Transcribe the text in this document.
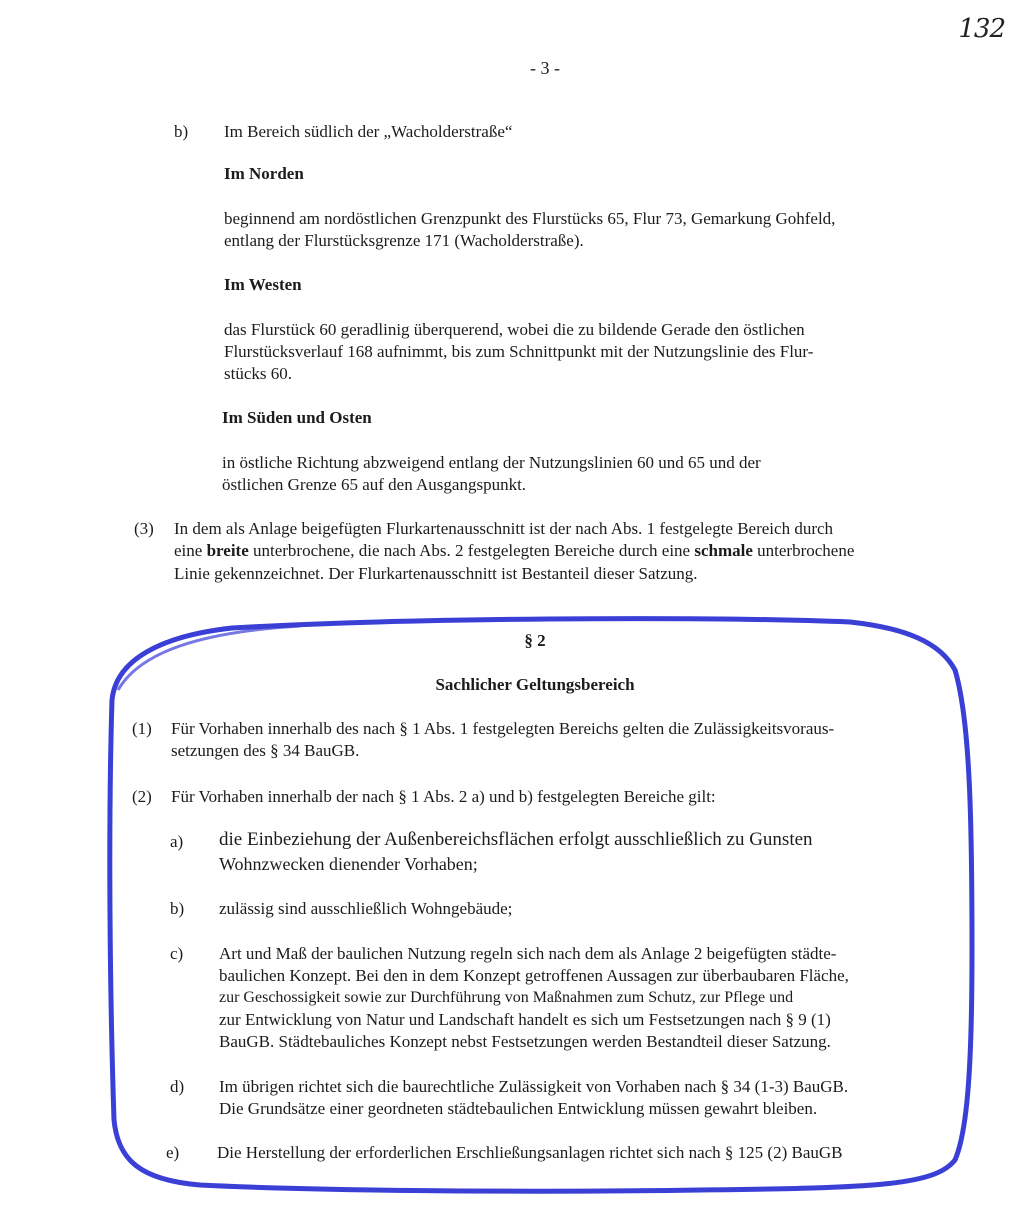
132
- 3 -
b) Im Bereich südlich der „Wacholderstraße“
Im Norden
beginnend am nordöstlichen Grenzpunkt des Flurstücks 65, Flur 73, Gemarkung Gohfeld,
entlang der Flurstücksgrenze 171 (Wacholderstraße).
Im Westen
das Flurstück 60 geradlinig überquerend, wobei die zu bildende Gerade den östlichen
Flurstücksverlauf 168 aufnimmt, bis zum Schnittpunkt mit der Nutzungslinie des Flur-
stücks 60.
Im Süden und Osten
in östliche Richtung abzweigend entlang der Nutzungslinien 60 und 65 und der
östlichen Grenze 65 auf den Ausgangspunkt.
(3) In dem als Anlage beigefügten Flurkartenausschnitt ist der nach Abs. 1 festgelegte Bereich durch
eine breite unterbrochene, die nach Abs. 2 festgelegten Bereiche durch eine schmale unterbrochene
Linie gekennzeichnet. Der Flurkartenausschnitt ist Bestanteil dieser Satzung.
§ 2
Sachlicher Geltungsbereich
(1) Für Vorhaben innerhalb des nach § 1 Abs. 1 festgelegten Bereichs gelten die Zulässigkeitsvoraus-
setzungen des § 34 BauGB.
(2) Für Vorhaben innerhalb der nach § 1 Abs. 2 a) und b) festgelegten Bereiche gilt:
a) die Einbeziehung der Außenbereichsflächen erfolgt ausschließlich zu Gunsten
Wohnzwecken dienender Vorhaben;
b) zulässig sind ausschließlich Wohngebäude;
c) Art und Maß der baulichen Nutzung regeln sich nach dem als Anlage 2 beigefügten städte-
baulichen Konzept. Bei den in dem Konzept getroffenen Aussagen zur überbaubaren Fläche,
zur Geschossigkeit sowie zur Durchführung von Maßnahmen zum Schutz, zur Pflege und
zur Entwicklung von Natur und Landschaft handelt es sich um Festsetzungen nach § 9 (1)
BauGB. Städtebauliches Konzept nebst Festsetzungen werden Bestandteil dieser Satzung.
d) Im übrigen richtet sich die baurechtliche Zulässigkeit von Vorhaben nach § 34 (1-3) BauGB.
Die Grundsätze einer geordneten städtebaulichen Entwicklung müssen gewahrt bleiben.
e) Die Herstellung der erforderlichen Erschließungsanlagen richtet sich nach § 125 (2) BauGB
